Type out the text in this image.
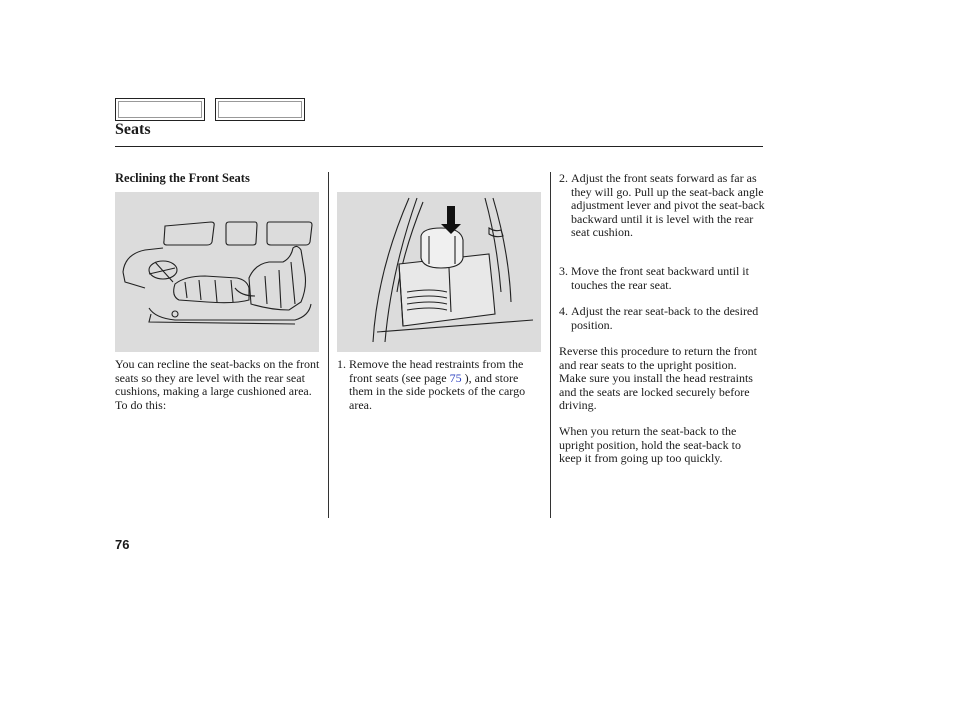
Seats
Reclining the Front Seats
You can recline the seat-backs on the front seats so they are level with the rear seat cushions, making a large cushioned area. To do this:
1. Remove the head restraints from the front seats (see page 75 ), and store them in the side pockets of the cargo area.
2. Adjust the front seats forward as far as they will go. Pull up the seat-back angle adjustment lever and pivot the seat-back backward until it is level with the rear seat cushion.
3. Move the front seat backward until it touches the rear seat.
4. Adjust the rear seat-back to the desired position.
Reverse this procedure to return the front and rear seats to the upright position. Make sure you install the head restraints and the seats are locked securely before driving.
When you return the seat-back to the upright position, hold the seat-back to keep it from going up too quickly.
76
